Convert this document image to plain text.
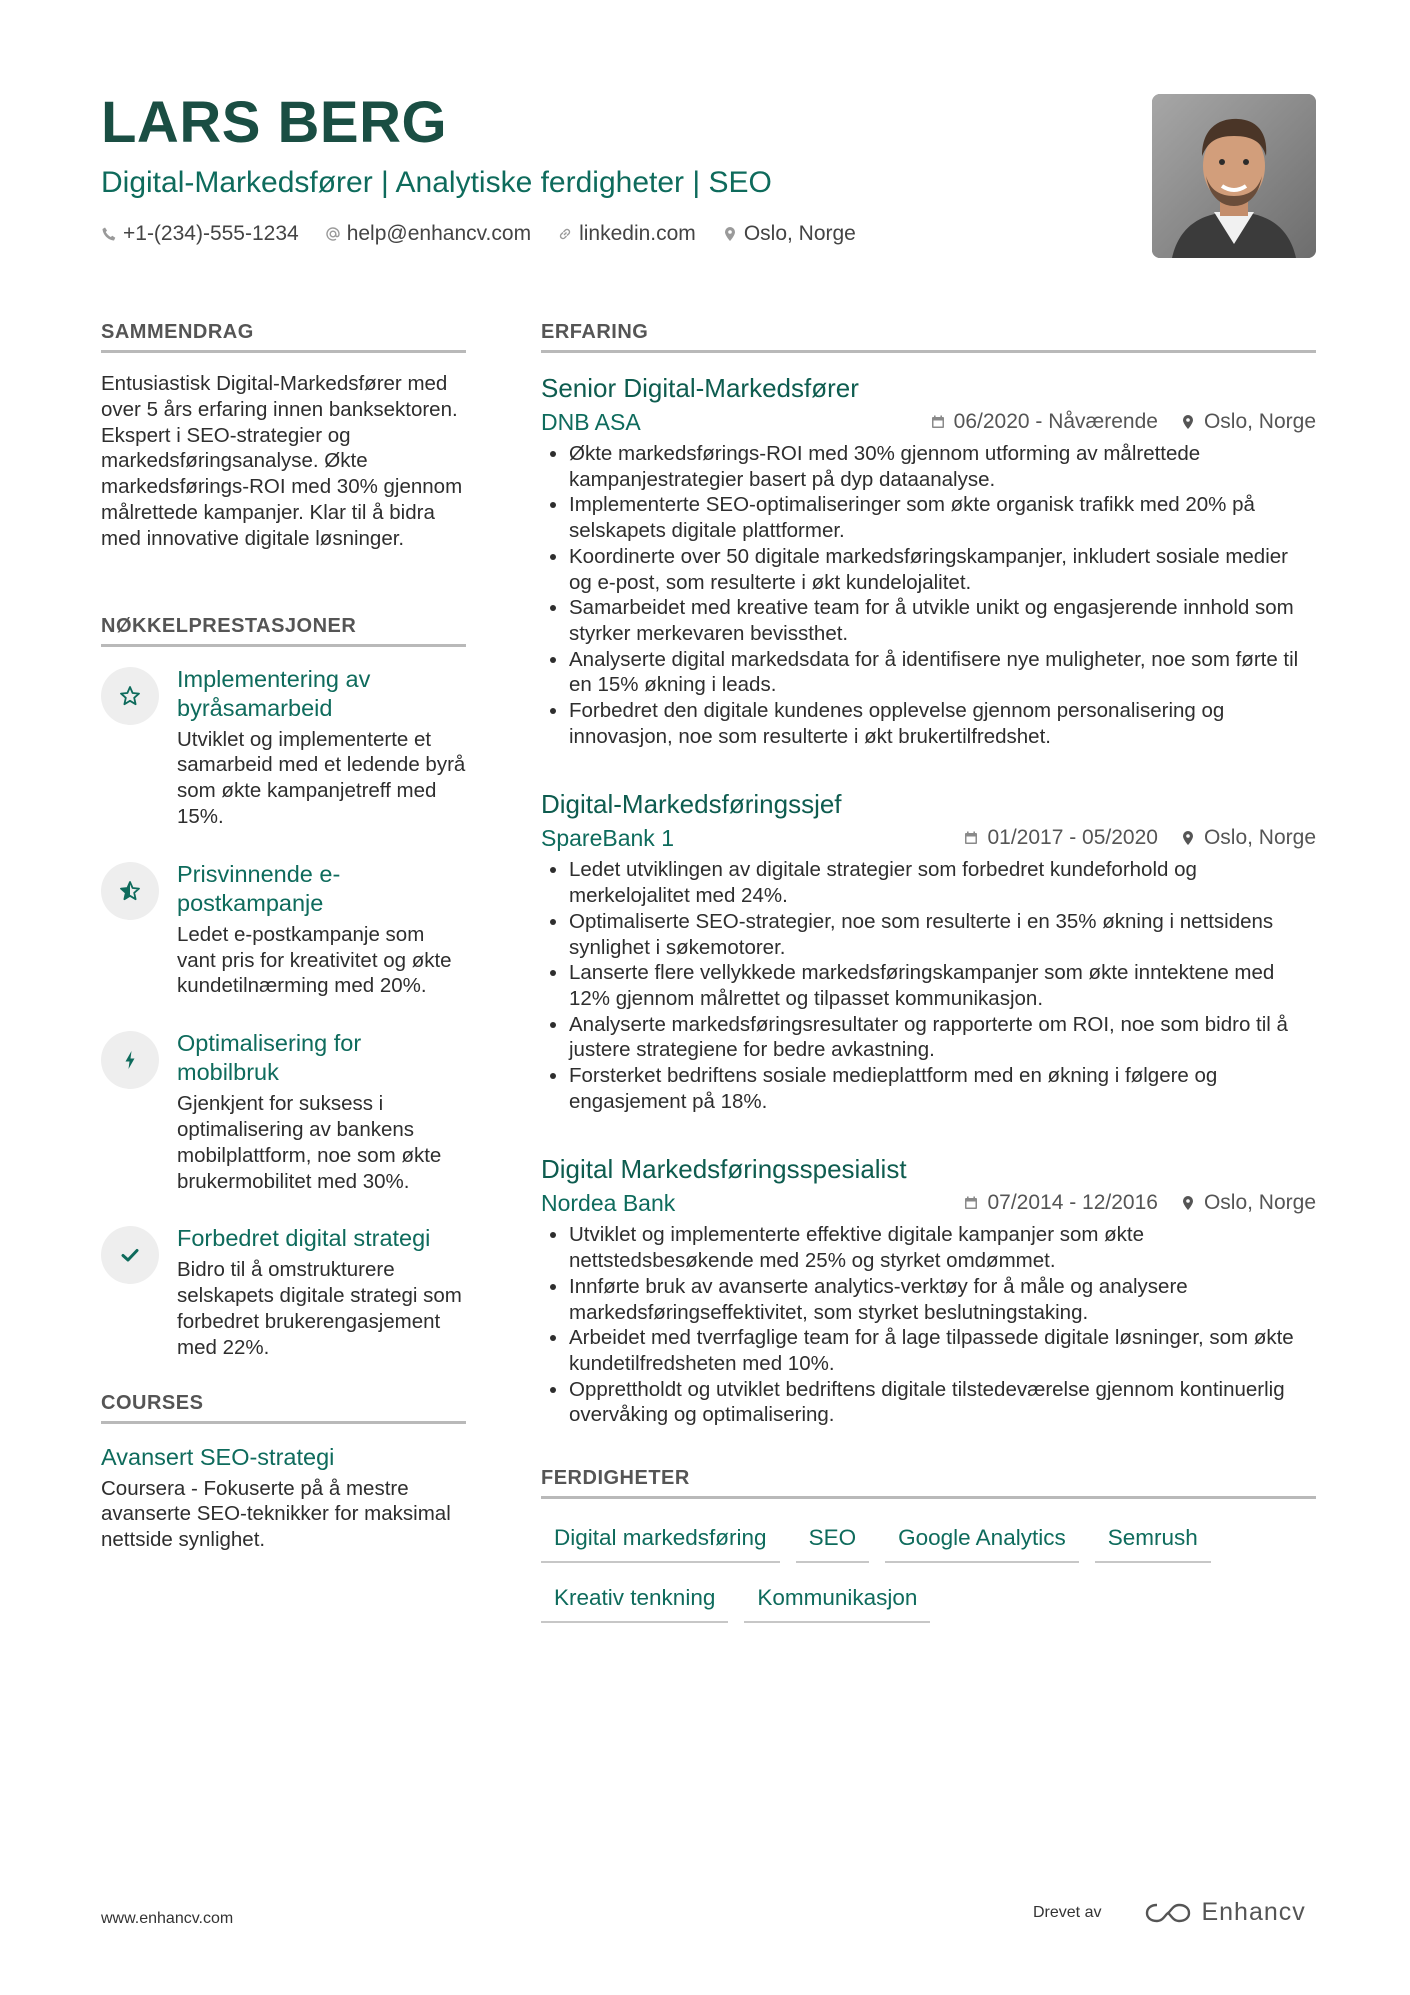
LARS BERG
Digital-Markedsfører | Analytiske ferdigheter | SEO
+1-(234)-555-1234 help@enhancv.com linkedin.com Oslo, Norge
SAMMENDRAG

Entusiastisk Digital-Markedsfører med over 5 års erfaring innen banksektoren. Ekspert i SEO-strategier og markedsføringsanalyse. Økte markedsførings-ROI med 30% gjennom målrettede kampanjer. Klar til å bidra med innovative digitale løsninger.

NØKKELPRESTASJONER
Implementering av byråsamarbeid
Utviklet og implementerte et samarbeid med et ledende byrå som økte kampanjetreff med 15%.
Prisvinnende e-postkampanje
Ledet e-postkampanje som vant pris for kreativitet og økte kundetilnærming med 20%.
Optimalisering for mobilbruk
Gjenkjent for suksess i optimalisering av bankens mobilplattform, noe som økte brukermobilitet med 30%.
Forbedret digital strategi
Bidro til å omstrukturere selskapets digitale strategi som forbedret brukerengasjement med 22%.
COURSES
Avansert SEO-strategi
Coursera - Fokuserte på å mestre avanserte SEO-teknikker for maksimal nettside synlighet.
ERFARING
Senior Digital-Markedsfører
DNB ASA	06/2020 - Nåværende Oslo, Norge
• Økte markedsførings-ROI med 30% gjennom utforming av målrettede kampanjestrategier basert på dyp dataanalyse.
• Implementerte SEO-optimaliseringer som økte organisk trafikk med 20% på selskapets digitale plattformer.
• Koordinerte over 50 digitale markedsføringskampanjer, inkludert sosiale medier og e-post, som resulterte i økt kundelojalitet.
• Samarbeidet med kreative team for å utvikle unikt og engasjerende innhold som styrker merkevaren bevissthet.
• Analyserte digital markedsdata for å identifisere nye muligheter, noe som førte til en 15% økning i leads.
• Forbedret den digitale kundenes opplevelse gjennom personalisering og innovasjon, noe som resulterte i økt brukertilfredshet.
Digital-Markedsføringssjef
SpareBank 1	01/2017 - 05/2020 Oslo, Norge
• Ledet utviklingen av digitale strategier som forbedret kundeforhold og merkelojalitet med 24%.
• Optimaliserte SEO-strategier, noe som resulterte i en 35% økning i nettsidens synlighet i søkemotorer.
• Lanserte flere vellykkede markedsføringskampanjer som økte inntektene med 12% gjennom målrettet og tilpasset kommunikasjon.
• Analyserte markedsføringsresultater og rapporterte om ROI, noe som bidro til å justere strategiene for bedre avkastning.
• Forsterket bedriftens sosiale medieplattform med en økning i følgere og engasjement på 18%.
Digital Markedsføringsspesialist
Nordea Bank	07/2014 - 12/2016 Oslo, Norge
• Utviklet og implementerte effektive digitale kampanjer som økte nettstedsbesøkende med 25% og styrket omdømmet.
• Innførte bruk av avanserte analytics-verktøy for å måle og analysere markedsføringseffektivitet, som styrket beslutningstaking.
• Arbeidet med tverrfaglige team for å lage tilpassede digitale løsninger, som økte kundetilfredsheten med 10%.
• Opprettholdt og utviklet bedriftens digitale tilstedeværelse gjennom kontinuerlig overvåking og optimalisering.
FERDIGHETER
Digital markedsføring	SEO	Google Analytics	Semrush
Kreativ tenkning	Kommunikasjon
www.enhancv.com	Drevet av	Enhancv
